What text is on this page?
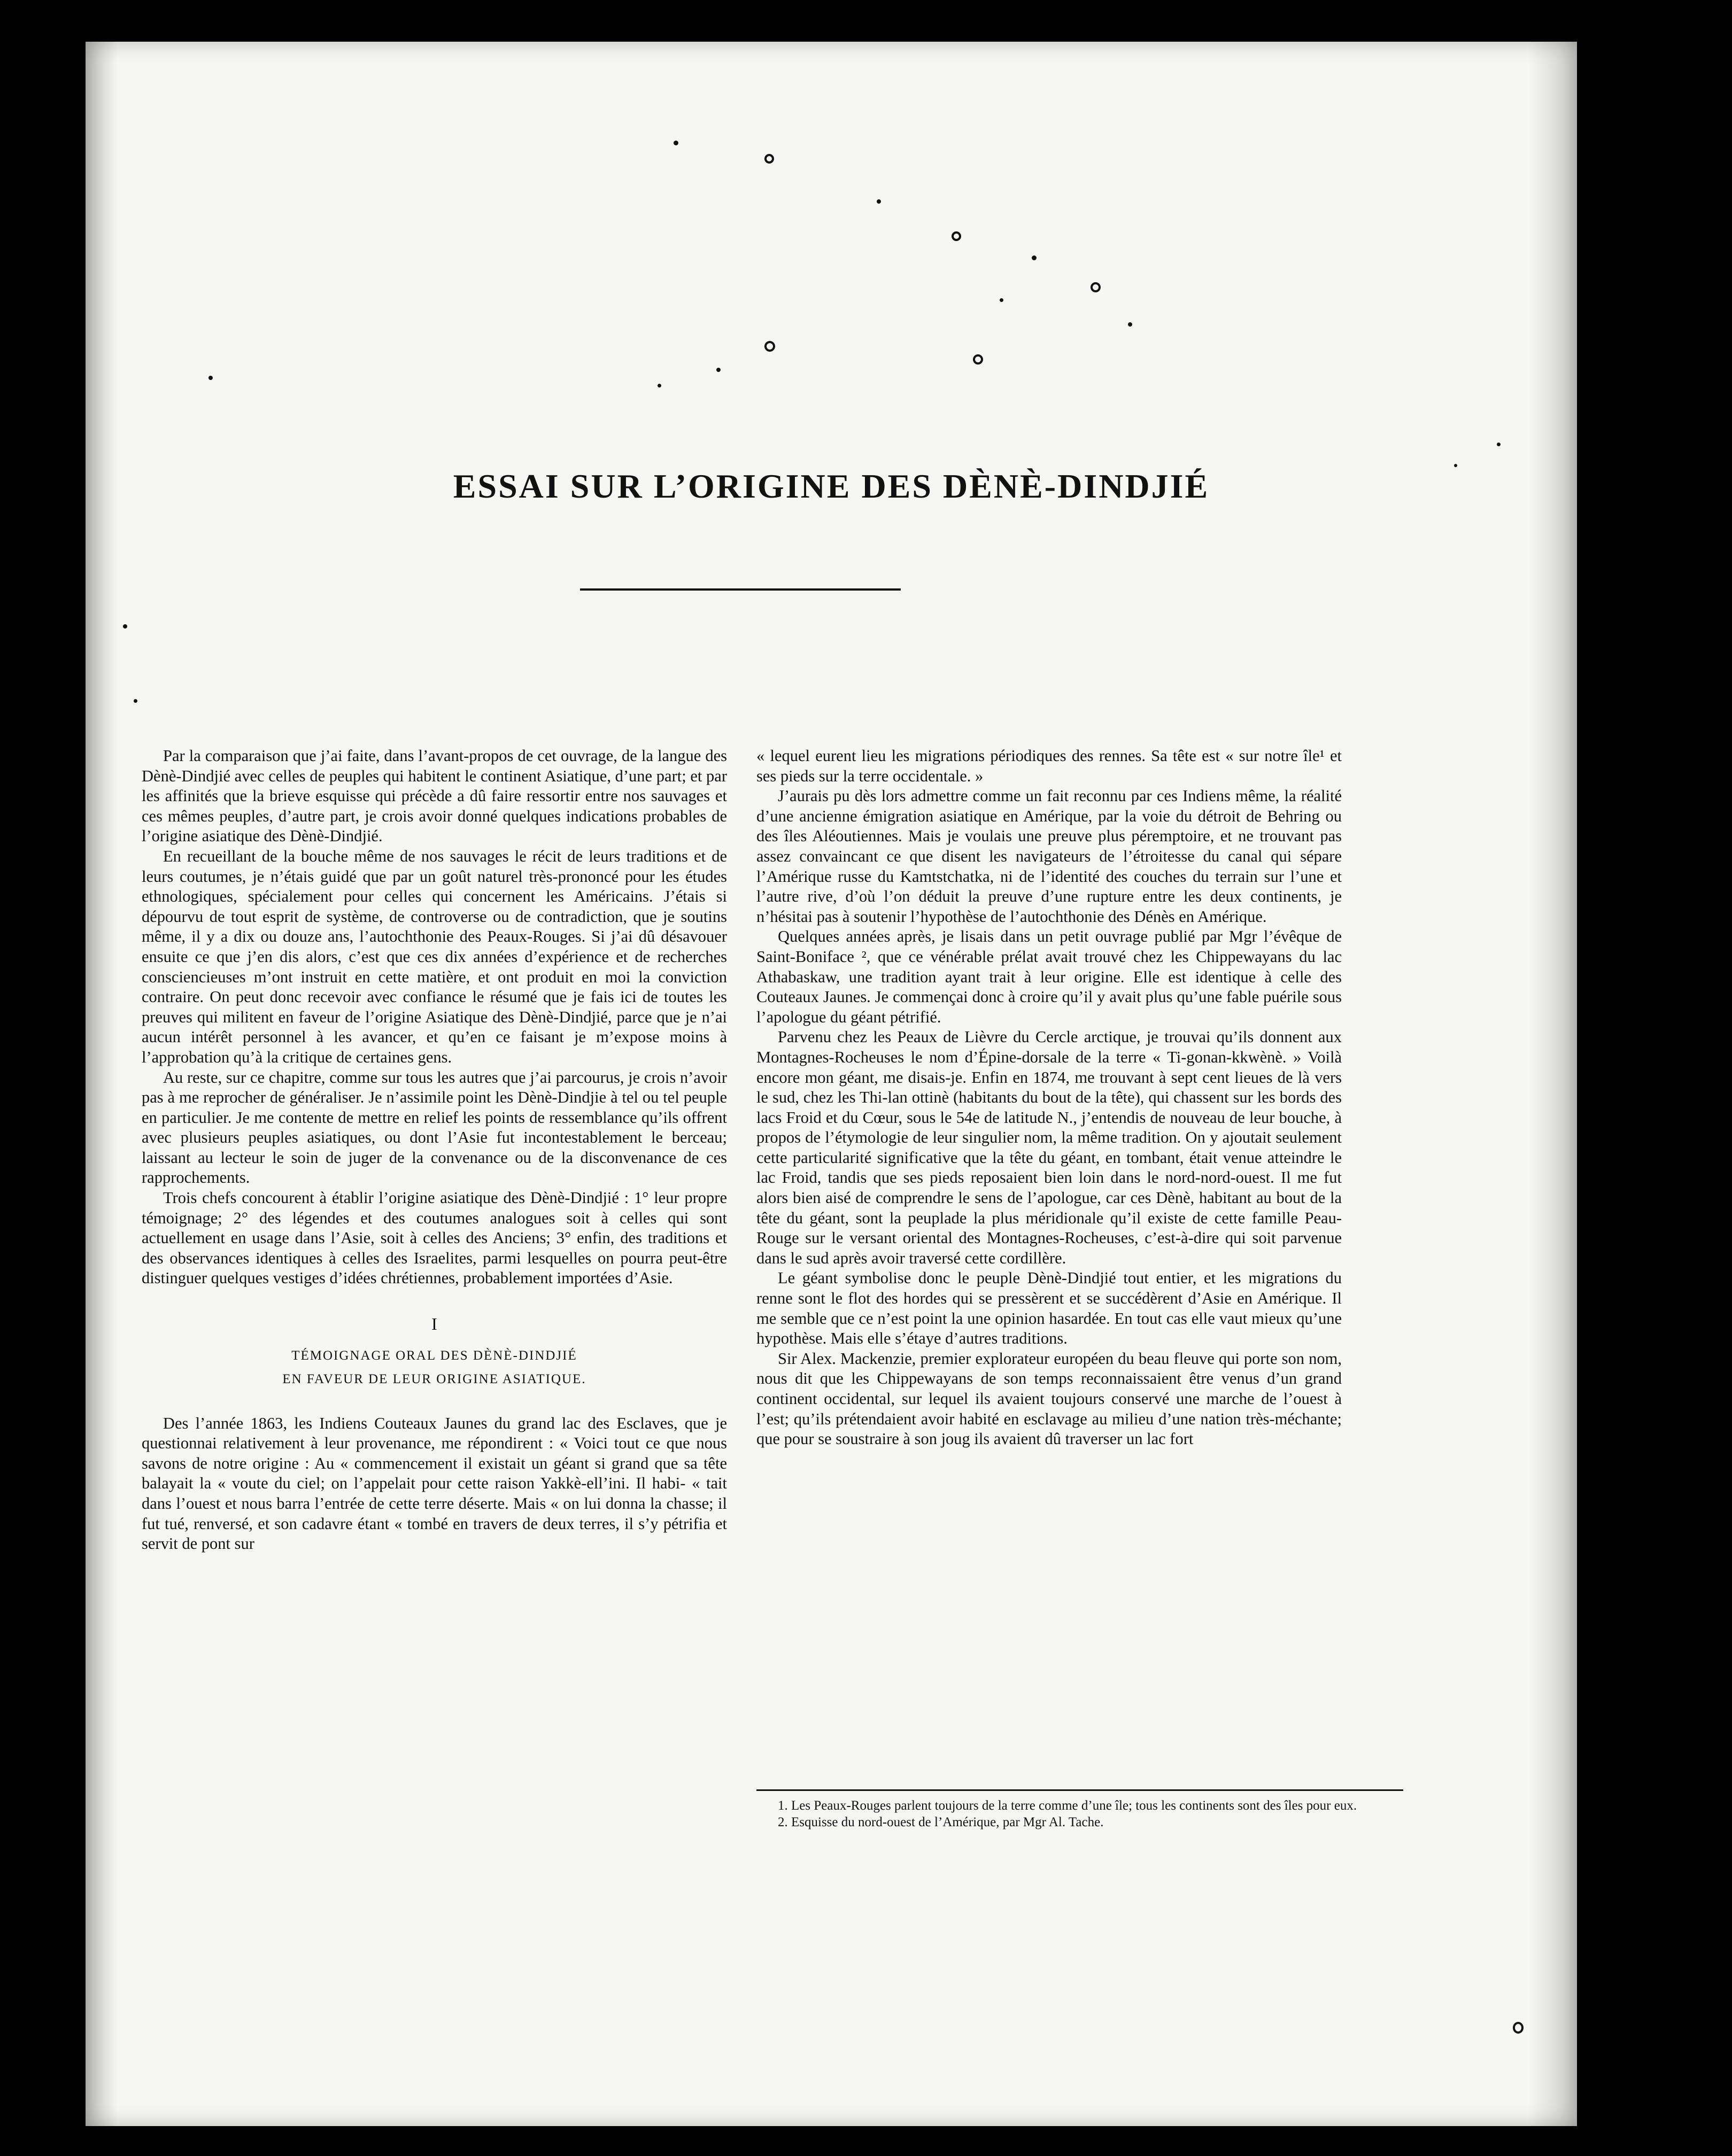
ESSAI SUR L’ORIGINE DES DÈNÈ-DINDJIÉ

Par la comparaison que j’ai faite, dans l’avant-propos de cet ouvrage, de la langue des Dènè-Dindjié avec celles de peuples qui habitent le continent Asiatique, d’une part; et par les affinités que la brieve esquisse qui précède a dû faire ressortir entre nos sauvages et ces mêmes peuples, d’autre part, je crois avoir donné quelques indications probables de l’origine asiatique des Dènè-Dindjié.

En recueillant de la bouche même de nos sauvages le récit de leurs traditions et de leurs coutumes, je n’étais guidé que par un goût naturel très-prononcé pour les études ethnologiques, spécialement pour celles qui concernent les Américains. J’étais si dépourvu de tout esprit de système, de controverse ou de contradiction, que je soutins même, il y a dix ou douze ans, l’autochthonie des Peaux-Rouges. Si j’ai dû désavouer ensuite ce que j’en dis alors, c’est que ces dix années d’expérience et de recherches consciencieuses m’ont instruit en cette matière, et ont produit en moi la conviction contraire. On peut donc recevoir avec confiance le résumé que je fais ici de toutes les preuves qui militent en faveur de l’origine Asiatique des Dènè-Dindjié, parce que je n’ai aucun intérêt personnel à les avancer, et qu’en ce faisant je m’expose moins à l’approbation qu’à la critique de certaines gens.

Au reste, sur ce chapitre, comme sur tous les autres que j’ai parcourus, je crois n’avoir pas à me reprocher de généraliser. Je n’assimile point les Dènè-Dindjie à tel ou tel peuple en particulier. Je me contente de mettre en relief les points de ressemblance qu’ils offrent avec plusieurs peuples asiatiques, ou dont l’Asie fut incontestablement le berceau; laissant au lecteur le soin de juger de la convenance ou de la disconvenance de ces rapprochements.

Trois chefs concourent à établir l’origine asiatique des Dènè-Dindjié : 1° leur propre témoignage; 2° des légendes et des coutumes analogues soit à celles qui sont actuellement en usage dans l’Asie, soit à celles des Anciens; 3° enfin, des traditions et des observances identiques à celles des Israelites, parmi lesquelles on pourra peut-être distinguer quelques vestiges d’idées chrétiennes, probablement importées d’Asie.

I
TÉMOIGNAGE ORAL DES DÈNÈ-DINDJIÉ
EN FAVEUR DE LEUR ORIGINE ASIATIQUE.

Des l’année 1863, les Indiens Couteaux Jaunes du grand lac des Esclaves, que je questionnai relativement à leur provenance, me répondirent : « Voici tout ce que nous savons de notre origine : Au « commencement il existait un géant si grand que sa tête balayait la « voute du ciel; on l’appelait pour cette raison Yakkè-ell’ini. Il habi- « tait dans l’ouest et nous barra l’entrée de cette terre déserte. Mais « on lui donna la chasse; il fut tué, renversé, et son cadavre étant « tombé en travers de deux terres, il s’y pétrifia et servit de pont sur

« lequel eurent lieu les migrations périodiques des rennes. Sa tête est « sur notre île¹ et ses pieds sur la terre occidentale. »

J’aurais pu dès lors admettre comme un fait reconnu par ces Indiens même, la réalité d’une ancienne émigration asiatique en Amérique, par la voie du détroit de Behring ou des îles Aléoutiennes. Mais je voulais une preuve plus péremptoire, et ne trouvant pas assez convaincant ce que disent les navigateurs de l’étroitesse du canal qui sépare l’Amérique russe du Kamtstchatka, ni de l’identité des couches du terrain sur l’une et l’autre rive, d’où l’on déduit la preuve d’une rupture entre les deux continents, je n’hésitai pas à soutenir l’hypothèse de l’autochthonie des Dénès en Amérique.

Quelques années après, je lisais dans un petit ouvrage publié par Mgr l’évêque de Saint-Boniface ², que ce vénérable prélat avait trouvé chez les Chippewayans du lac Athabaskaw, une tradition ayant trait à leur origine. Elle est identique à celle des Couteaux Jaunes. Je commençai donc à croire qu’il y avait plus qu’une fable puérile sous l’apologue du géant pétrifié.

Parvenu chez les Peaux de Lièvre du Cercle arctique, je trouvai qu’ils donnent aux Montagnes-Rocheuses le nom d’Épine-dorsale de la terre « Ti-gonan-kkwènè. » Voilà encore mon géant, me disais-je. Enfin en 1874, me trouvant à sept cent lieues de là vers le sud, chez les Thi-lan ottinè (habitants du bout de la tête), qui chassent sur les bords des lacs Froid et du Cœur, sous le 54e de latitude N., j’entendis de nouveau de leur bouche, à propos de l’étymologie de leur singulier nom, la même tradition. On y ajoutait seulement cette particularité significative que la tête du géant, en tombant, était venue atteindre le lac Froid, tandis que ses pieds reposaient bien loin dans le nord-nord-ouest. Il me fut alors bien aisé de comprendre le sens de l’apologue, car ces Dènè, habitant au bout de la tête du géant, sont la peuplade la plus méridionale qu’il existe de cette famille Peau-Rouge sur le versant oriental des Montagnes-Rocheuses, c’est-à-dire qui soit parvenue dans le sud après avoir traversé cette cordillère.

Le géant symbolise donc le peuple Dènè-Dindjié tout entier, et les migrations du renne sont le flot des hordes qui se pressèrent et se succédèrent d’Asie en Amérique. Il me semble que ce n’est point la une opinion hasardée. En tout cas elle vaut mieux qu’une hypothèse. Mais elle s’étaye d’autres traditions.

Sir Alex. Mackenzie, premier explorateur européen du beau fleuve qui porte son nom, nous dit que les Chippewayans de son temps reconnaissaient être venus d’un grand continent occidental, sur lequel ils avaient toujours conservé une marche de l’ouest à l’est; qu’ils prétendaient avoir habité en esclavage au milieu d’une nation très-méchante; que pour se soustraire à son joug ils avaient dû traverser un lac fort

1. Les Peaux-Rouges parlent toujours de la terre comme d’une île; tous les continents sont des îles pour eux.

2. Esquisse du nord-ouest de l’Amérique, par Mgr Al. Tache.
